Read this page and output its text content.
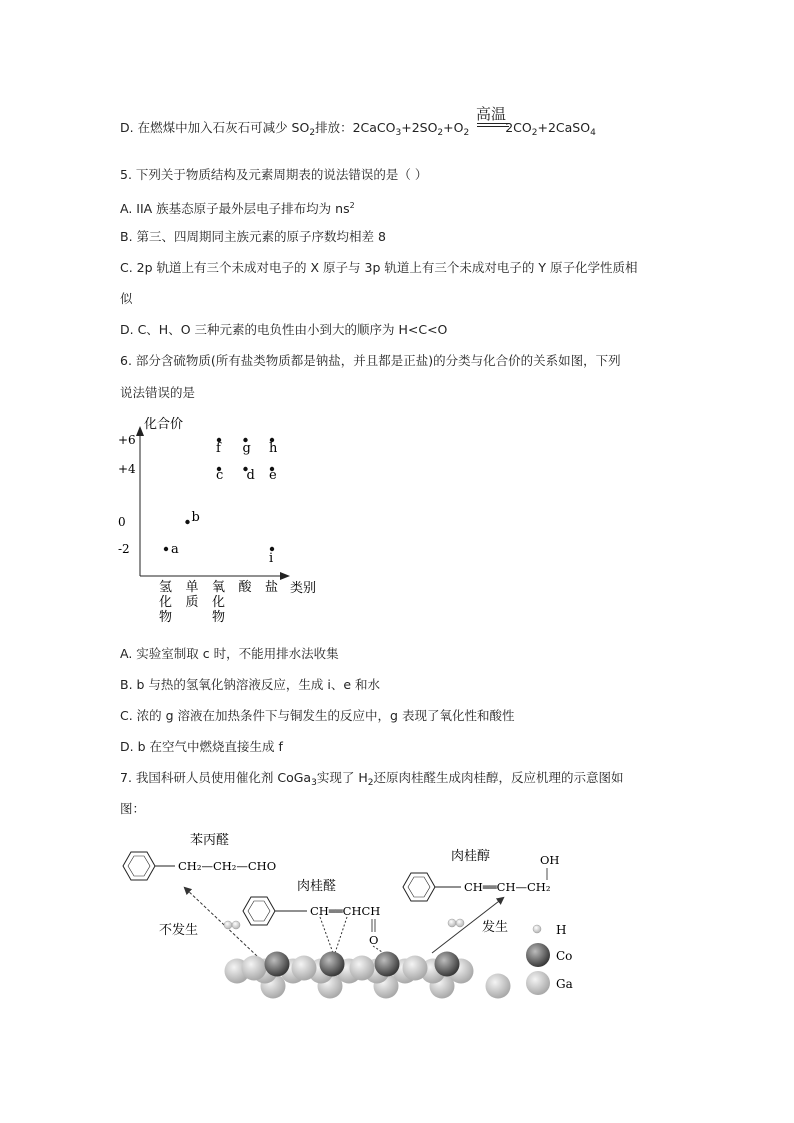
D. 在燃煤中加入石灰石可减少 $SO_2$排放：$2CaCO_3+2SO_2+O_2$	$2CO_2+2CaSO_4$
高温
5. 下列关于物质结构及元素周期表的说法错误的是（ ）
A. IIA 族基态原子最外层电子排布均为 $ns^2$
B. 第三、四周期同主族元素的原子序数均相差 8
C. 2p 轨道上有三个未成对电子的 X 原子与 3p 轨道上有三个未成对电子的 Y 原子化学性质相
似
D. C、H、O 三种元素的电负性由小到大的顺序为 H<C<O
6. 部分含硫物质(所有盐类物质都是钠盐，并且都是正盐)的分类与化合价的关系如图，下列
说法错误的是
化合价
类别
+6
+4
0
-2
氢
化
物
单
质
氧
化
物
酸 盐
a
b
c
f
d
g
e
h
i
A. 实验室制取 c 时，不能用排水法收集
B. b 与热的氢氧化钠溶液反应，生成 i、e 和水
C. 浓的 g 溶液在加热条件下与铜发生的反应中，g 表现了氧化性和酸性
D. b 在空气中燃烧直接生成 f
7. 我国科研人员使用催化剂 CoGa$_3$实现了 $H_2$还原肉桂醛生成肉桂醇，反应机理的示意图如
图：
苯丙醛
CH₂—CH₂—CHO
肉桂醛
CH══CHCH
O
肉桂醇
CH══CH—CH₂
OH
不发生	发生	H
Co
Ga
